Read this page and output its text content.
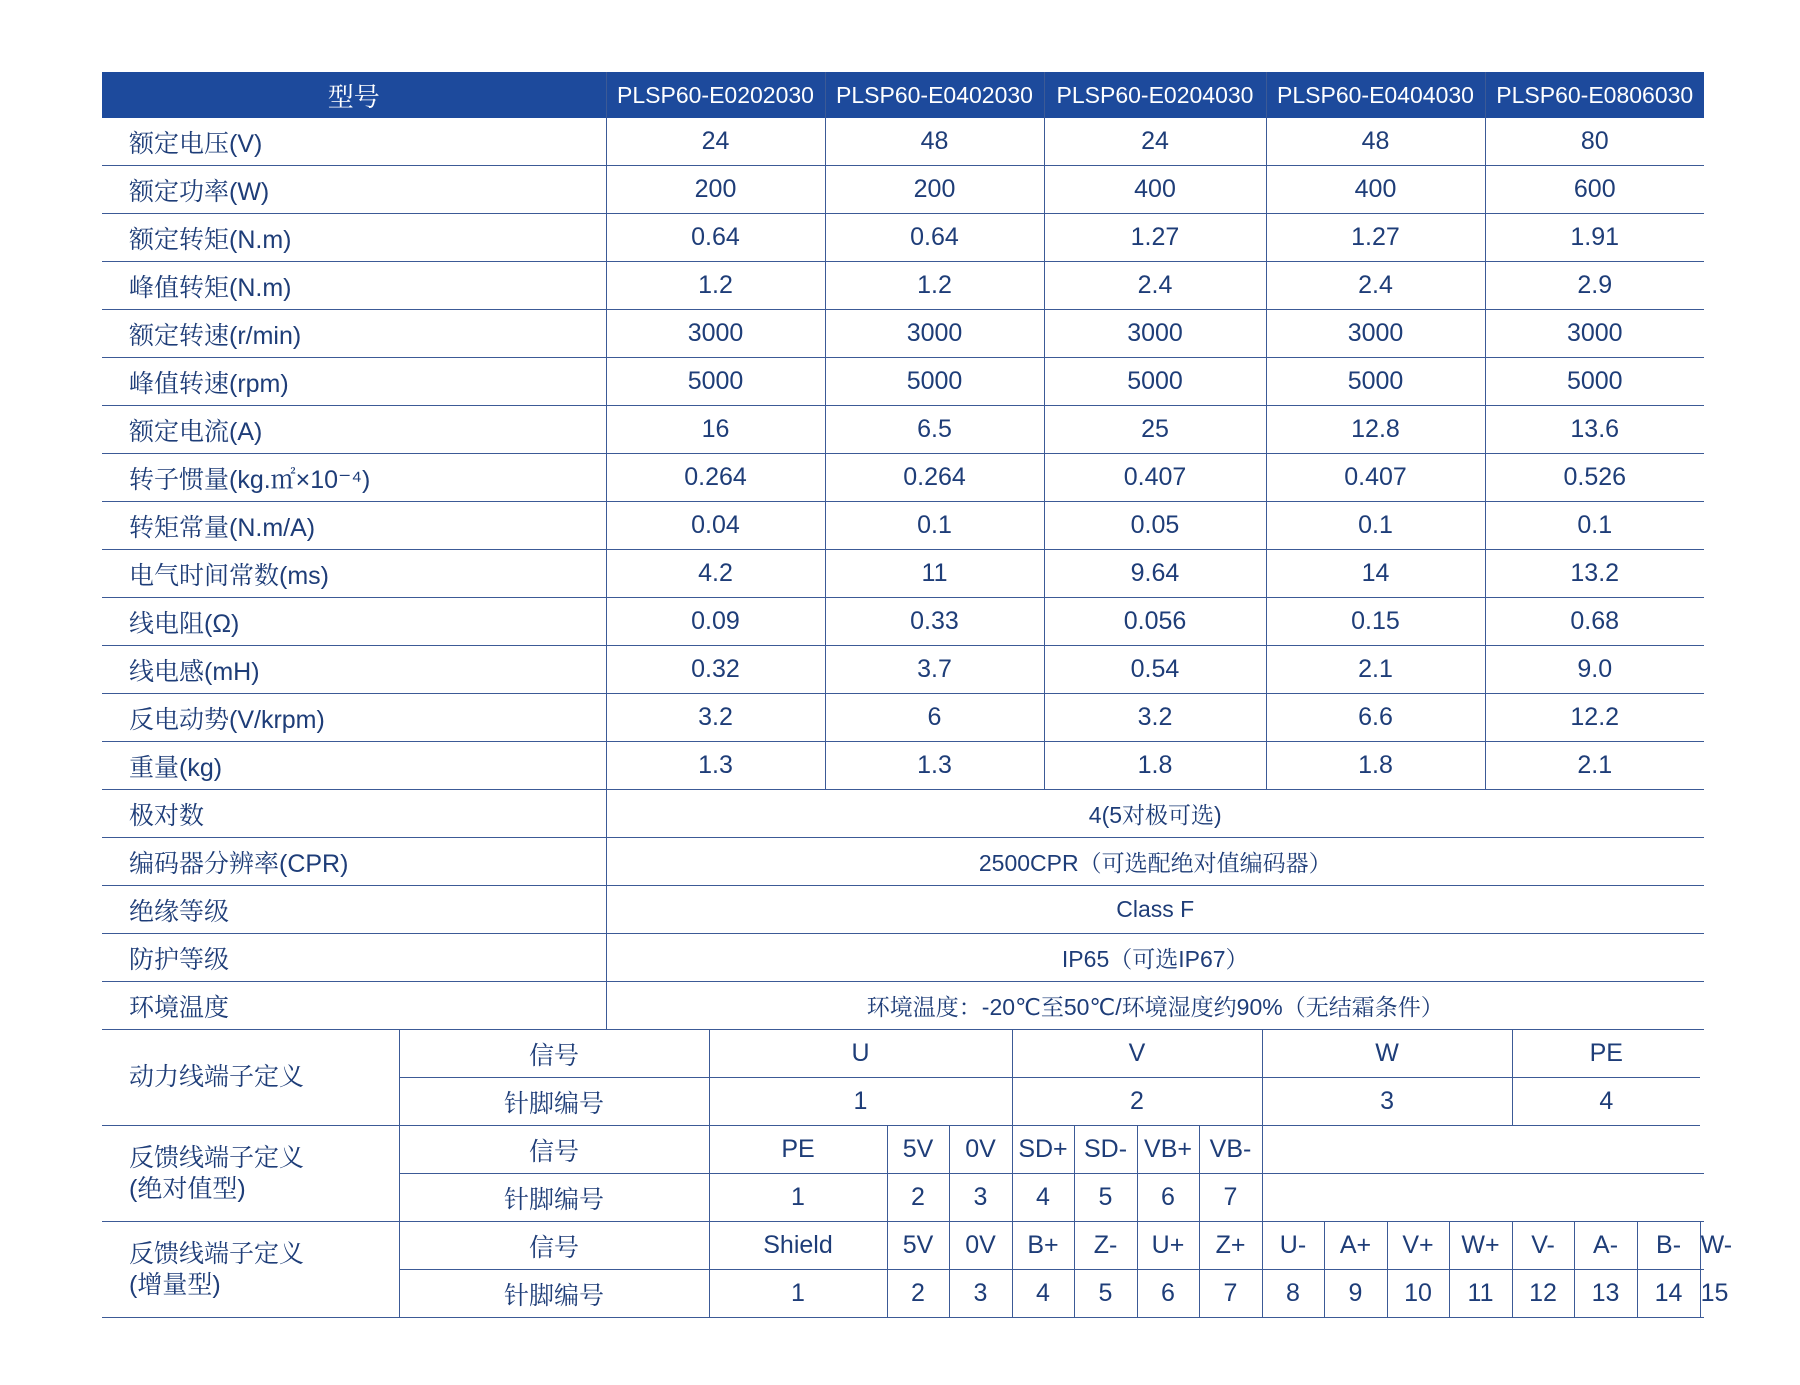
型号	PLSP60-E0202030	PLSP60-E0402030	PLSP60-E0204030	PLSP60-E0404030	PLSP60-E0806030
额定电压(V)	24	48	24	48	80
额定功率(W)	200	200	400	400	600
额定转矩(N.m)	0.64	0.64	1.27	1.27	1.91
峰值转矩(N.m)	1.2	1.2	2.4	2.4	2.9
额定转速(r/min)	3000	3000	3000	3000	3000
峰值转速(rpm)	5000	5000	5000	5000	5000
额定电流(A)	16	6.5	25	12.8	13.6
转子惯量(kg.㎡×10⁻⁴)	0.264	0.264	0.407	0.407	0.526
转矩常量(N.m/A)	0.04	0.1	0.05	0.1	0.1
电气时间常数(ms)	4.2	11	9.64	14	13.2
线电阻(Ω)	0.09	0.33	0.056	0.15	0.68
线电感(mH)	0.32	3.7	0.54	2.1	9.0
反电动势(V/krpm)	3.2	6	3.2	6.6	12.2
重量(kg)	1.3	1.3	1.8	1.8	2.1
极对数	4(5对极可选)				
编码器分辨率(CPR)	2500CPR（可选配绝对值编码器）				
绝缘等级	Class F				
防护等级	IP65（可选IP67）				
环境温度	环境温度：-20℃至50℃/环境湿度约90%（无结霜条件）				
动力线端子定义	信号	U			V				W				PE			
	针脚编号	1			2				3				4			

反馈线端子定义
(绝对值型)	信号	PE	5V	0V	SD+	SD-	VB+	VB-								
	针脚编号	1	2	3	4	5	6	7								

反馈线端子定义
(增量型)	信号	Shield	5V	0V	B+	Z-	U+	Z+	U-	A+	V+	W+	V-	A-	B-	W-
	针脚编号	1	2	3	4	5	6	7	8	9	10	11	12	13	14	15
